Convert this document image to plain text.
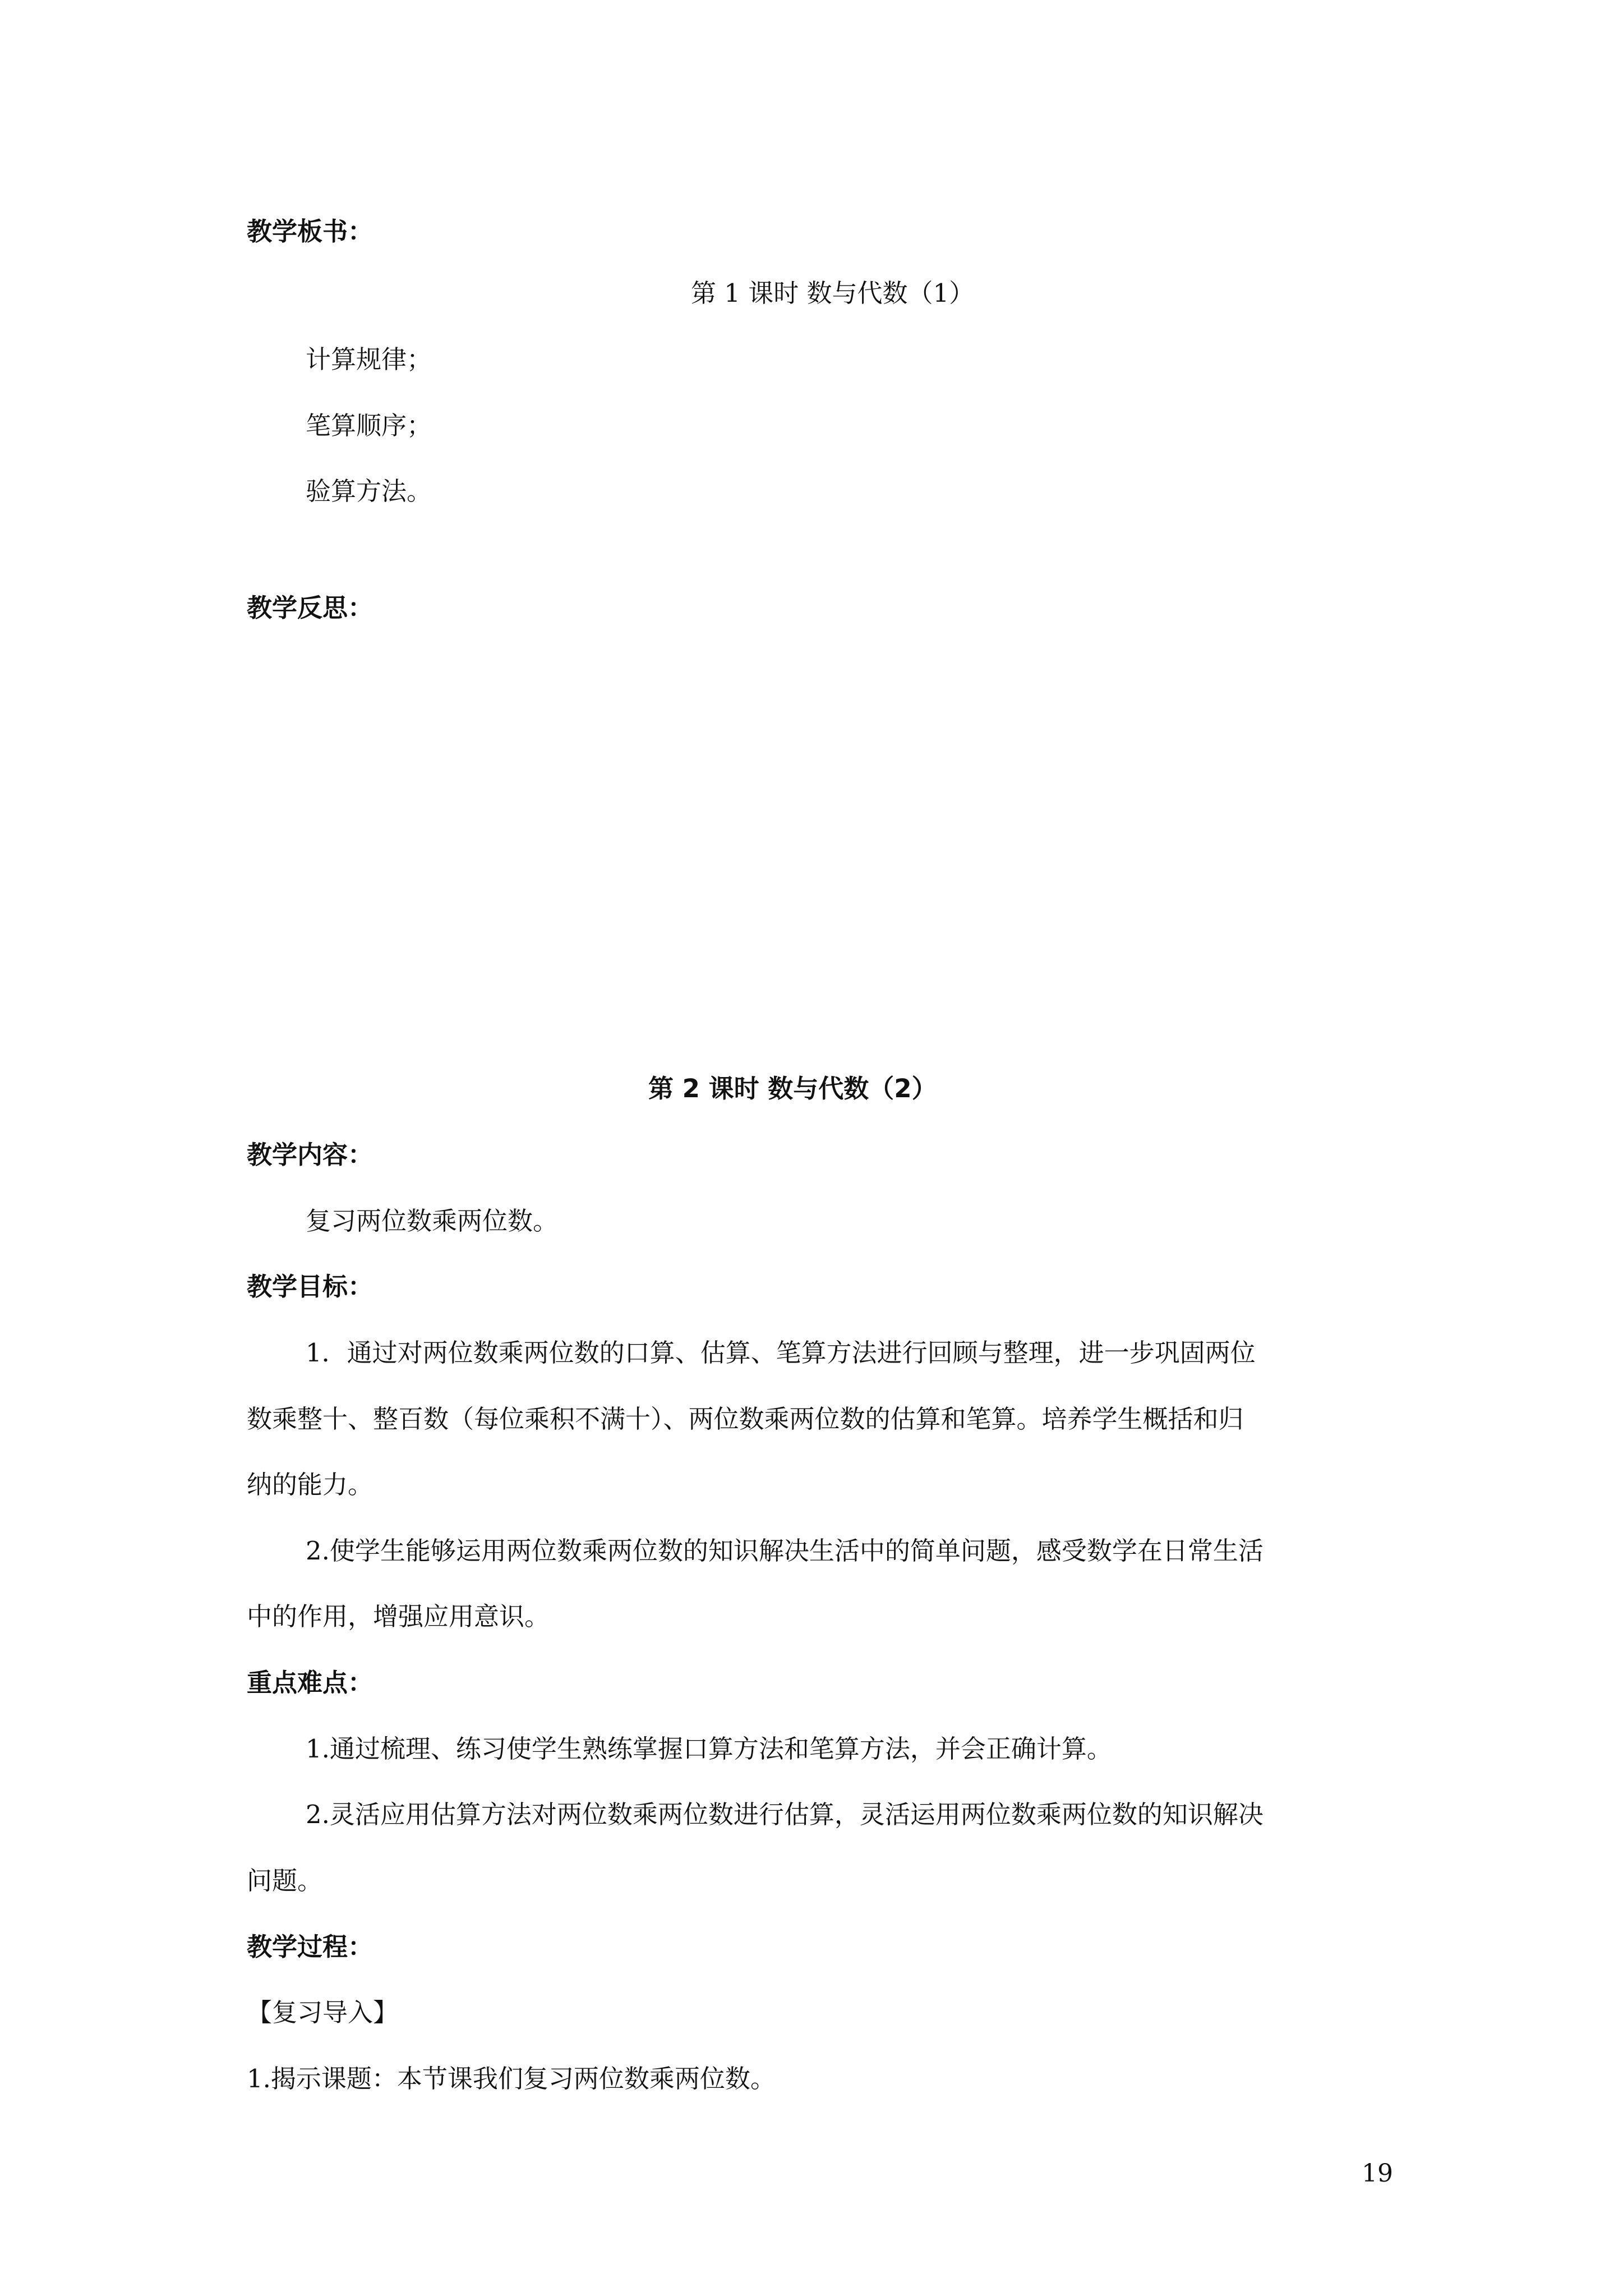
教学板书：

第 1 课时 数与代数（1）

计算规律；

笔算顺序；

验算方法。

教学反思：

第 2 课时 数与代数（2）

教学内容：

复习两位数乘两位数。

教学目标：

1．通过对两位数乘两位数的口算、估算、笔算方法进行回顾与整理，进一步巩固两位

数乘整十、整百数（每位乘积不满十）、两位数乘两位数的估算和笔算。培养学生概括和归

纳的能力。

2.使学生能够运用两位数乘两位数的知识解决生活中的简单问题，感受数学在日常生活

中的作用，增强应用意识。

重点难点：

1.通过梳理、练习使学生熟练掌握口算方法和笔算方法，并会正确计算。

2.灵活应用估算方法对两位数乘两位数进行估算，灵活运用两位数乘两位数的知识解决

问题。

教学过程：

【复习导入】

1.揭示课题：本节课我们复习两位数乘两位数。

19
